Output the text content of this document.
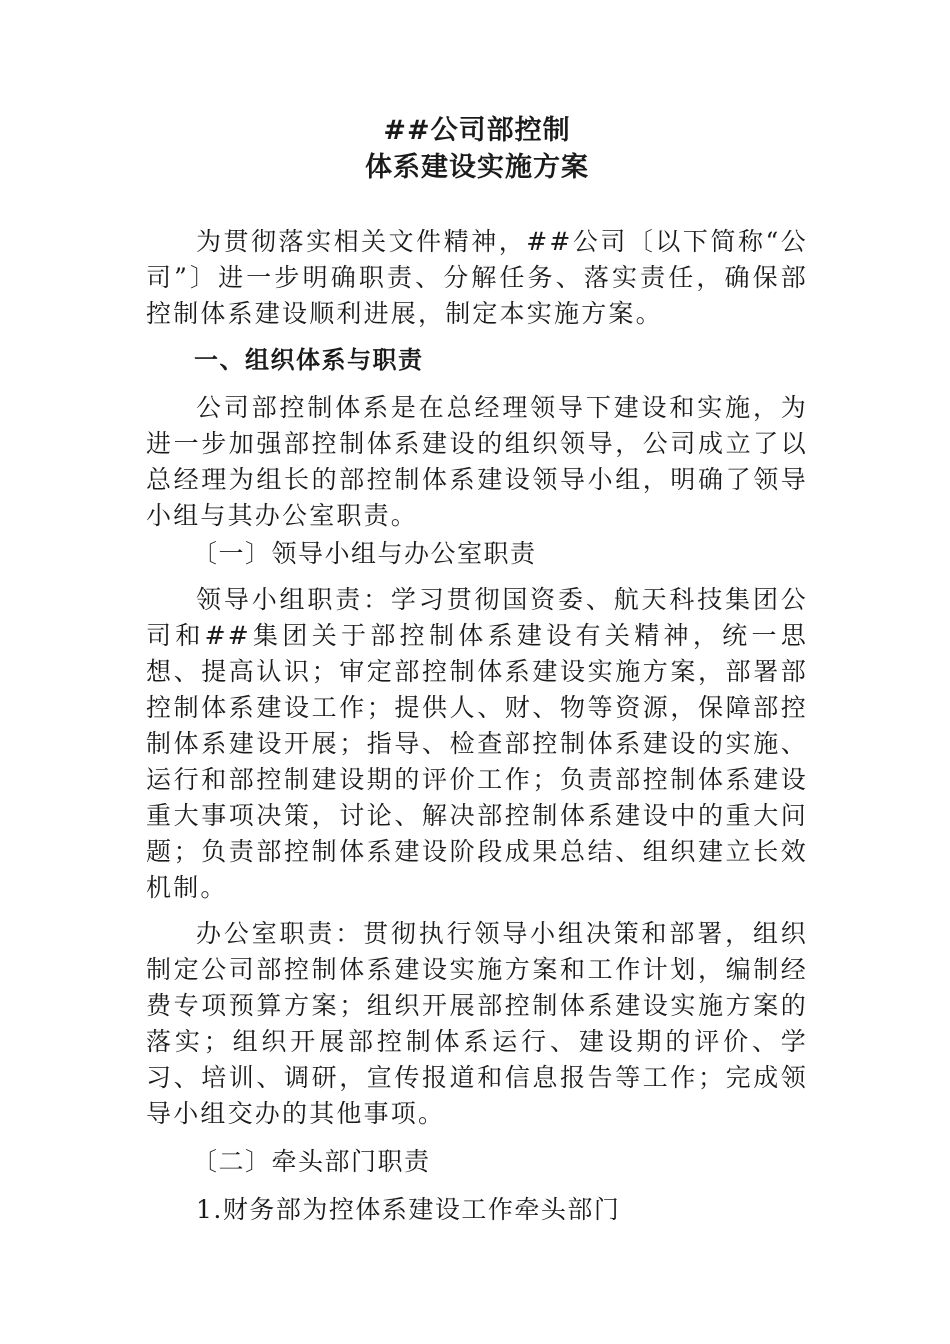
##公司部控制
体系建设实施方案

为贯彻落实相关文件精神，##公司〔以下简称“公司”〕进一步明确职责、分解任务、落实责任，确保部控制体系建设顺利进展，制定本实施方案。

一、组织体系与职责

公司部控制体系是在总经理领导下建设和实施，为进一步加强部控制体系建设的组织领导，公司成立了以总经理为组长的部控制体系建设领导小组，明确了领导小组与其办公室职责。

〔一〕领导小组与办公室职责

领导小组职责：学习贯彻国资委、航天科技集团公司和##集团关于部控制体系建设有关精神，统一思想、提高认识；审定部控制体系建设实施方案，部署部控制体系建设工作；提供人、财、物等资源，保障部控制体系建设开展；指导、检查部控制体系建设的实施、运行和部控制建设期的评价工作；负责部控制体系建设重大事项决策，讨论、解决部控制体系建设中的重大问题；负责部控制体系建设阶段成果总结、组织建立长效机制。

办公室职责：贯彻执行领导小组决策和部署，组织制定公司部控制体系建设实施方案和工作计划，编制经费专项预算方案；组织开展部控制体系建设实施方案的落实；组织开展部控制体系运行、建设期的评价、学习、培训、调研，宣传报道和信息报告等工作；完成领导小组交办的其他事项。

〔二〕牵头部门职责

1.财务部为控体系建设工作牵头部门
